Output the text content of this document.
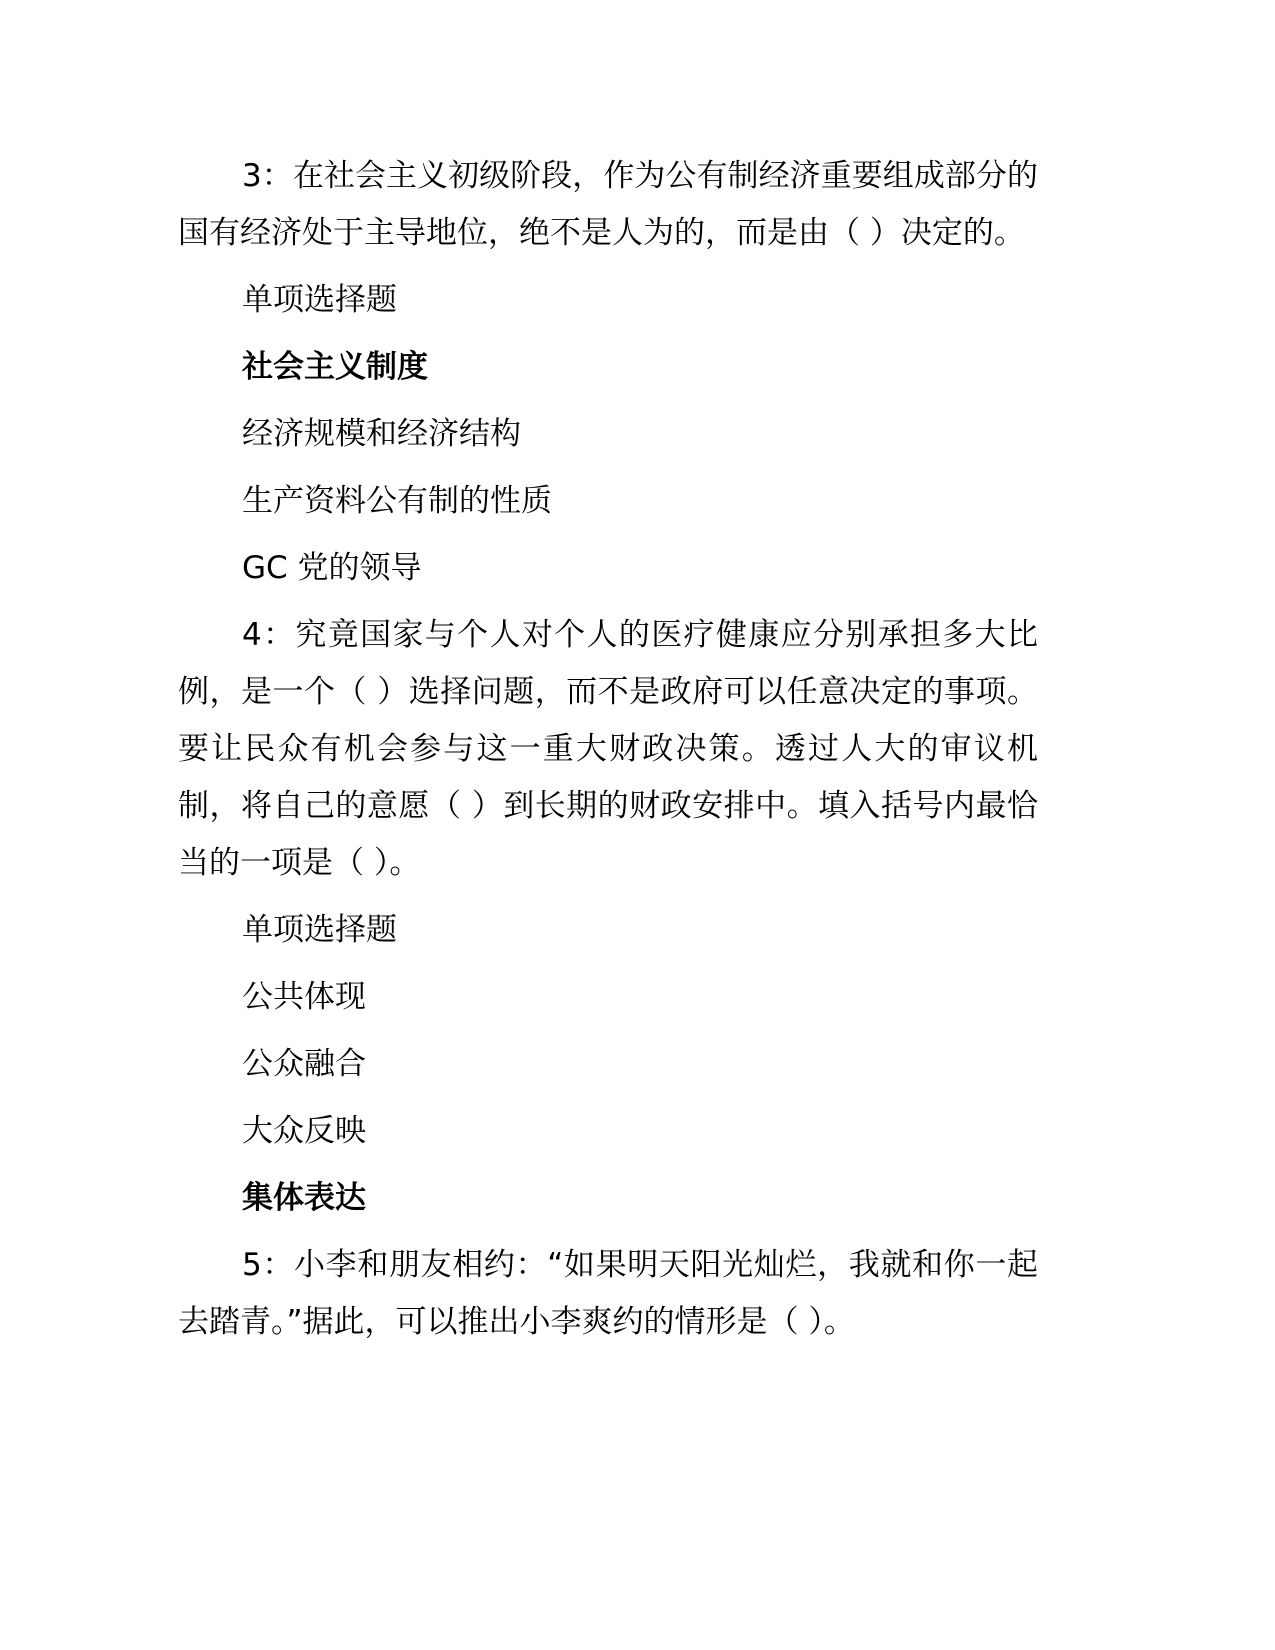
3：在社会主义初级阶段，作为公有制经济重要组成部分的国有经济处于主导地位，绝不是人为的，而是由（ ）决定的。

单项选择题
社会主义制度
经济规模和经济结构
生产资料公有制的性质
GC 党的领导

4：究竟国家与个人对个人的医疗健康应分别承担多大比例，是一个（ ）选择问题，而不是政府可以任意决定的事项。要让民众有机会参与这一重大财政决策。透过人大的审议机制，将自己的意愿（ ）到长期的财政安排中。填入括号内最恰当的一项是（ ）。

单项选择题
公共体现
公众融合
大众反映
集体表达

5：小李和朋友相约：“如果明天阳光灿烂，我就和你一起去踏青。”据此，可以推出小李爽约的情形是（ ）。
